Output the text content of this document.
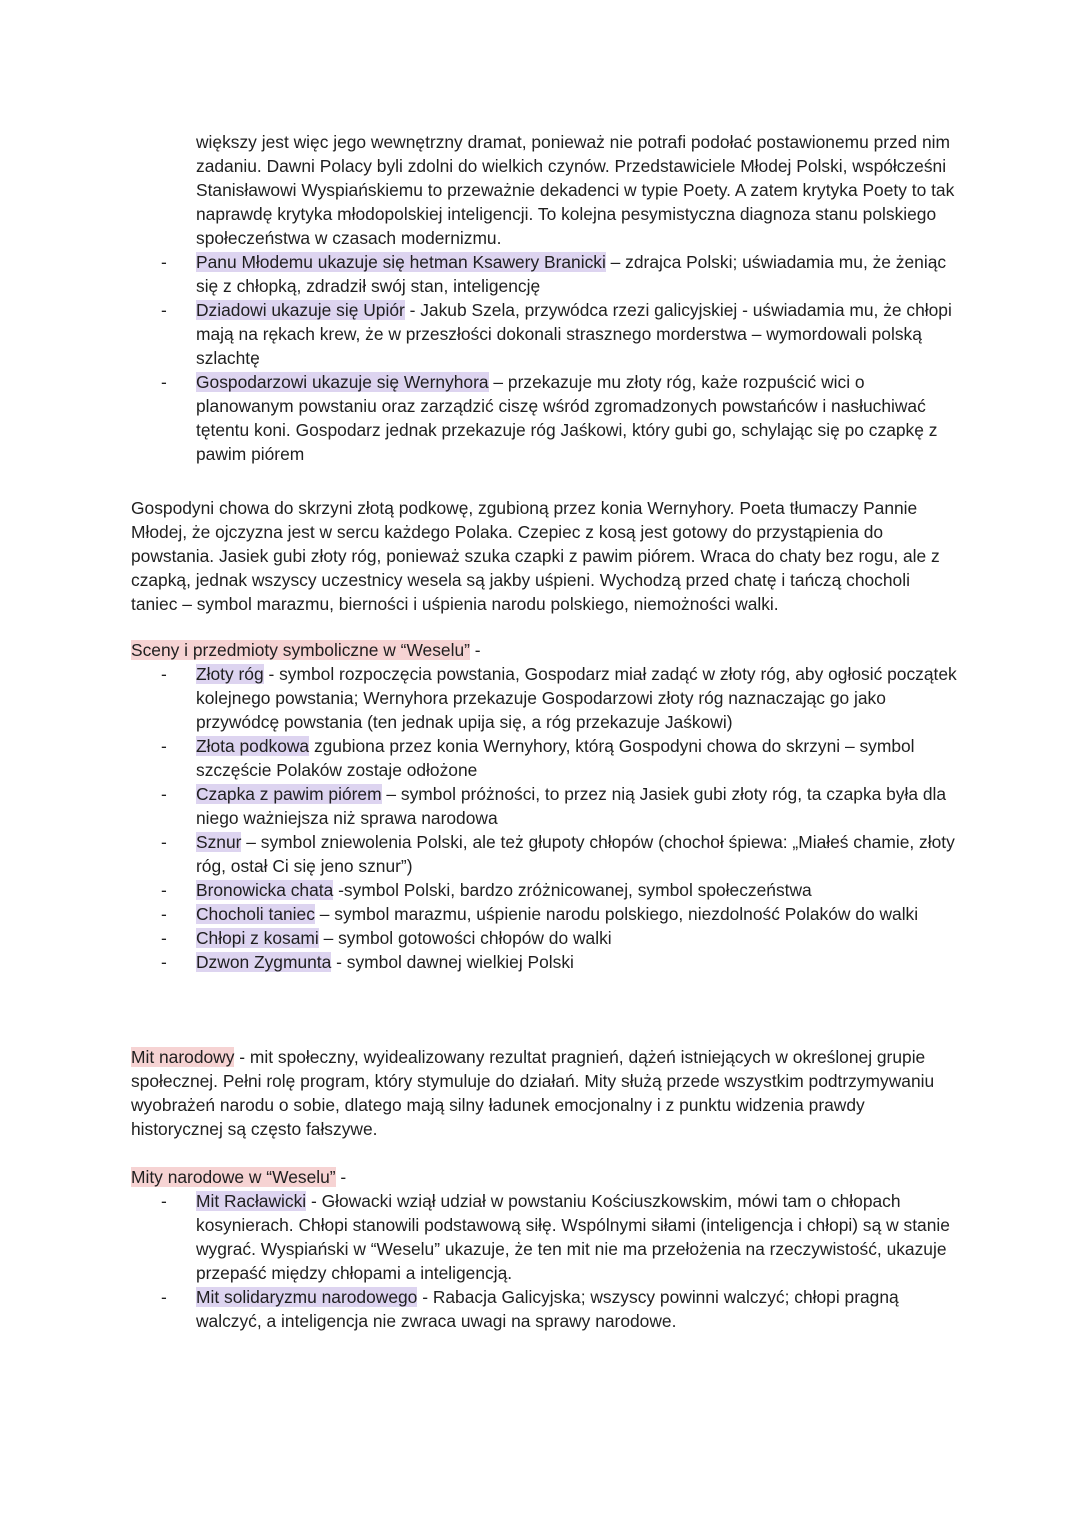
większy jest więc jego wewnętrzny dramat, ponieważ nie potrafi podołać postawionemu przed nim zadaniu. Dawni Polacy byli zdolni do wielkich czynów. Przedstawiciele Młodej Polski, współcześni Stanisławowi Wyspiańskiemu to przeważnie dekadenci w typie Poety. A zatem krytyka Poety to tak naprawdę krytyka młodopolskiej inteligencji. To kolejna pesymistyczna diagnoza stanu polskiego społeczeństwa w czasach modernizmu.

- Panu Młodemu ukazuje się hetman Ksawery Branicki – zdrajca Polski; uświadamia mu, że żeniąc się z chłopką, zdradził swój stan, inteligencję
- Dziadowi ukazuje się Upiór - Jakub Szela, przywódca rzezi galicyjskiej - uświadamia mu, że chłopi mają na rękach krew, że w przeszłości dokonali strasznego morderstwa – wymordowali polską szlachtę
- Gospodarzowi ukazuje się Wernyhora – przekazuje mu złoty róg, każe rozpuścić wici o planowanym powstaniu oraz zarządzić ciszę wśród zgromadzonych powstańców i nasłuchiwać tętentu koni. Gospodarz jednak przekazuje róg Jaśkowi, który gubi go, schylając się po czapkę z pawim piórem

Gospodyni chowa do skrzyni złotą podkowę, zgubioną przez konia Wernyhory. Poeta tłumaczy Pannie Młodej, że ojczyzna jest w sercu każdego Polaka. Czepiec z kosą jest gotowy do przystąpienia do powstania. Jasiek gubi złoty róg, ponieważ szuka czapki z pawim piórem. Wraca do chaty bez rogu, ale z czapką, jednak wszyscy uczestnicy wesela są jakby uśpieni. Wychodzą przed chatę i tańczą chocholi taniec – symbol marazmu, bierności i uśpienia narodu polskiego, niemożności walki.

Sceny i przedmioty symboliczne w “Weselu” -

- Złoty róg - symbol rozpoczęcia powstania, Gospodarz miał zadąć w złoty róg, aby ogłosić początek kolejnego powstania; Wernyhora przekazuje Gospodarzowi złoty róg naznaczając go jako przywódcę powstania (ten jednak upija się, a róg przekazuje Jaśkowi)
- Złota podkowa zgubiona przez konia Wernyhory, którą Gospodyni chowa do skrzyni – symbol szczęście Polaków zostaje odłożone
- Czapka z pawim piórem – symbol próżności, to przez nią Jasiek gubi złoty róg, ta czapka była dla niego ważniejsza niż sprawa narodowa
- Sznur – symbol zniewolenia Polski, ale też głupoty chłopów (chochoł śpiewa: „Miałeś chamie, złoty róg, ostał Ci się jeno sznur”)
- Bronowicka chata -symbol Polski, bardzo zróżnicowanej, symbol społeczeństwa
- Chocholi taniec – symbol marazmu, uśpienie narodu polskiego, niezdolność Polaków do walki
- Chłopi z kosami – symbol gotowości chłopów do walki
- Dzwon Zygmunta - symbol dawnej wielkiej Polski

Mit narodowy - mit społeczny, wyidealizowany rezultat pragnień, dążeń istniejących w określonej grupie społecznej. Pełni rolę program, który stymuluje do działań. Mity służą przede wszystkim podtrzymywaniu wyobrażeń narodu o sobie, dlatego mają silny ładunek emocjonalny i z punktu widzenia prawdy historycznej są często fałszywe.

Mity narodowe w “Weselu” -

- Mit Racławicki - Głowacki wziął udział w powstaniu Kościuszkowskim, mówi tam o chłopach kosynierach. Chłopi stanowili podstawową siłę. Wspólnymi siłami (inteligencja i chłopi) są w stanie wygrać. Wyspiański w “Weselu” ukazuje, że ten mit nie ma przełożenia na rzeczywistość, ukazuje przepaść między chłopami a inteligencją.
- Mit solidaryzmu narodowego - Rabacja Galicyjska; wszyscy powinni walczyć; chłopi pragną walczyć, a inteligencja nie zwraca uwagi na sprawy narodowe.
